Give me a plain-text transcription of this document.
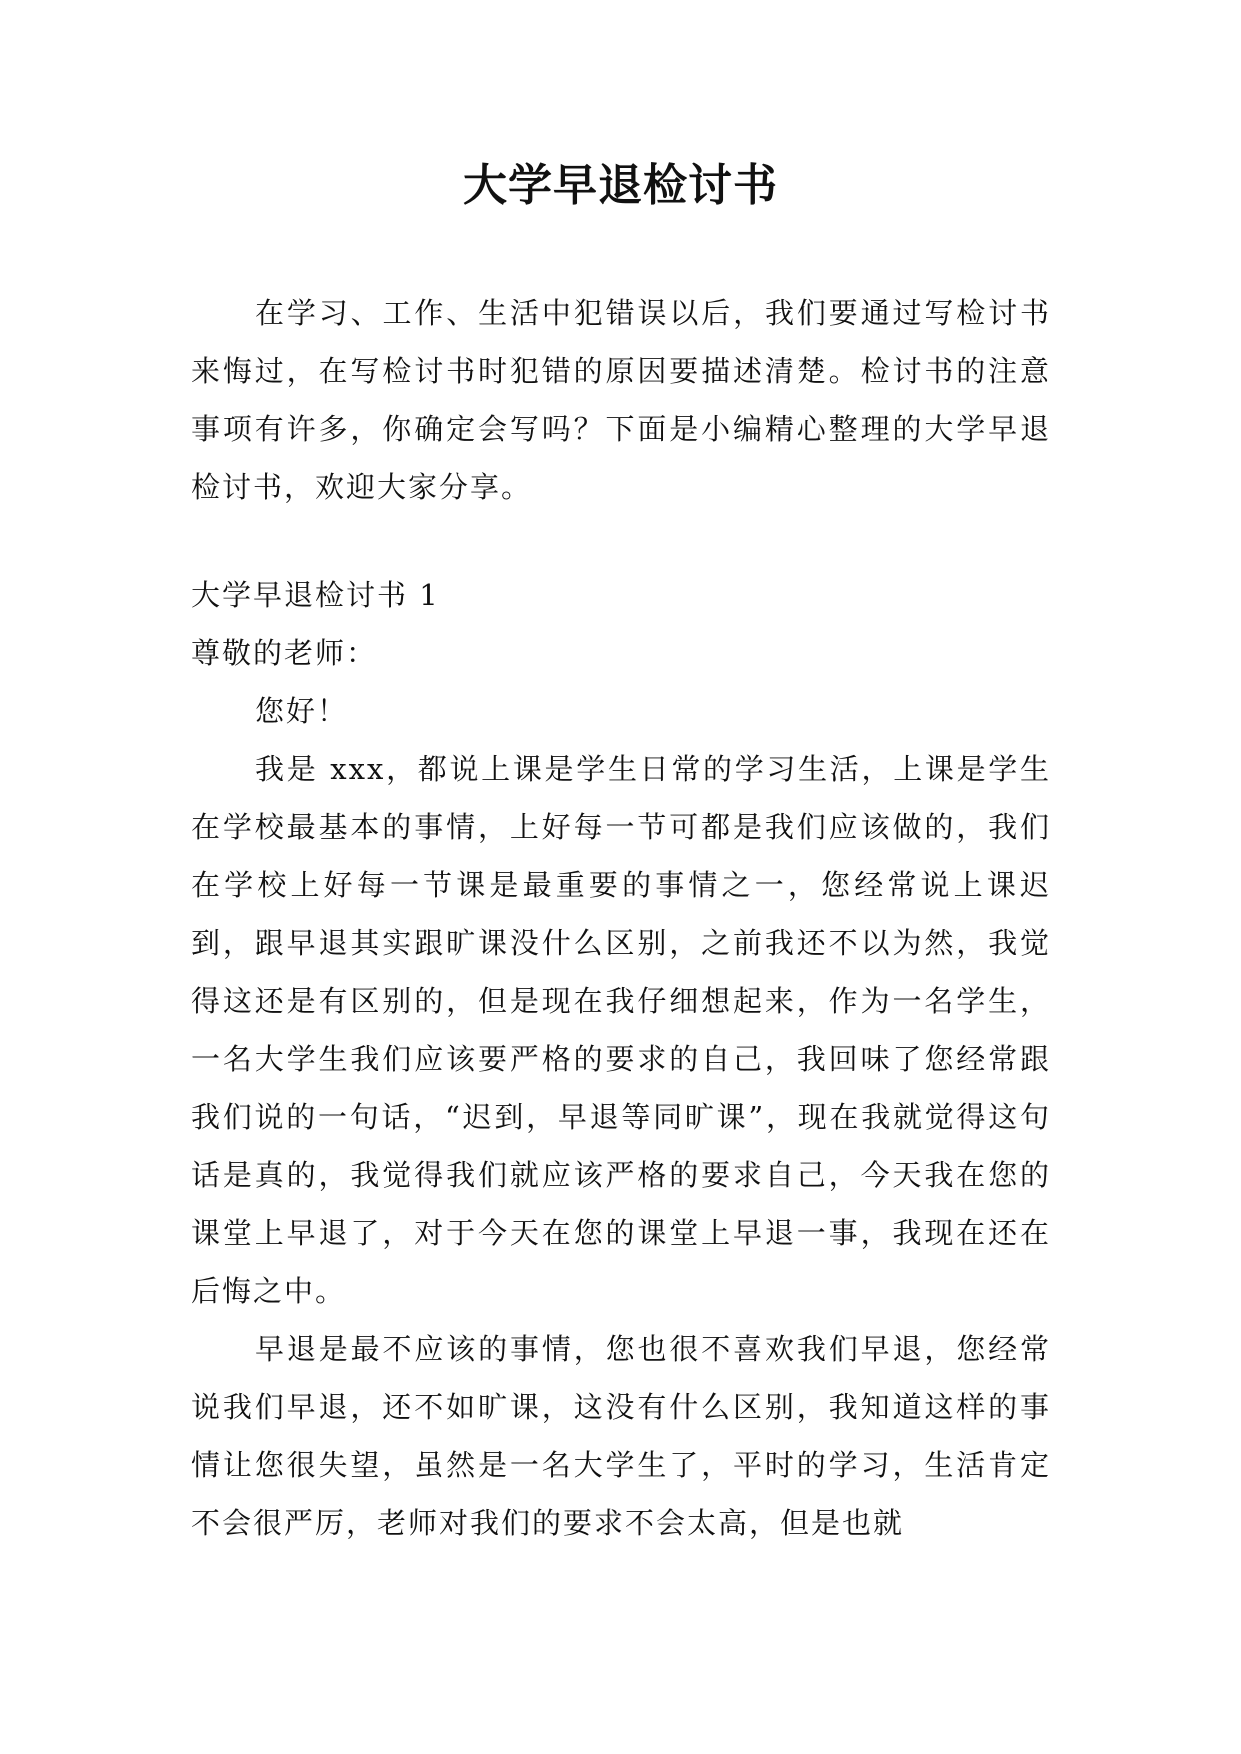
大学早退检讨书

在学习、工作、生活中犯错误以后，我们要通过写检讨书来悔过，在写检讨书时犯错的原因要描述清楚。检讨书的注意事项有许多，你确定会写吗？下面是小编精心整理的大学早退检讨书，欢迎大家分享。

大学早退检讨书 1

尊敬的老师：

您好！

我是 xxx，都说上课是学生日常的学习生活，上课是学生在学校最基本的事情，上好每一节可都是我们应该做的，我们在学校上好每一节课是最重要的事情之一，您经常说上课迟到，跟早退其实跟旷课没什么区别，之前我还不以为然，我觉得这还是有区别的，但是现在我仔细想起来，作为一名学生，一名大学生我们应该要严格的要求的自己，我回味了您经常跟我们说的一句话，“迟到，早退等同旷课”，现在我就觉得这句话是真的，我觉得我们就应该严格的要求自己，今天我在您的课堂上早退了，对于今天在您的课堂上早退一事，我现在还在后悔之中。

早退是最不应该的事情，您也很不喜欢我们早退，您经常说我们早退，还不如旷课，这没有什么区别，我知道这样的事情让您很失望，虽然是一名大学生了，平时的学习，生活肯定不会很严厉，老师对我们的要求不会太高，但是也就
